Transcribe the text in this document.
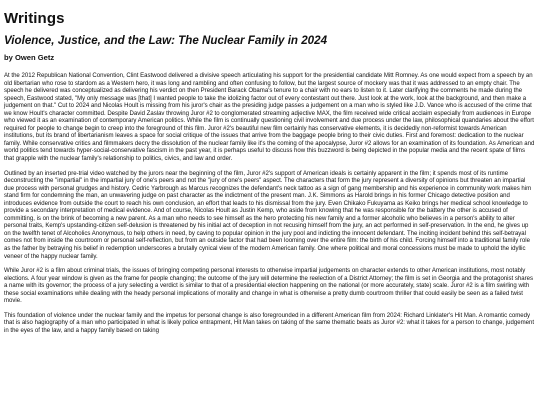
Writings
Violence, Justice, and the Law: The Nuclear Family in 2024
by Owen Getz

At the 2012 Republican National Convention, Clint Eastwood delivered a divisive speech articulating his support for the presidential candidate Mitt Romney. As one would expect from a speech by an old libertarian who rose to stardom as a Western hero, it was long and rambling and often confusing to follow, but the largest source of mockery was that it was addressed to an empty chair. The speech he delivered was conceptualized as delivering his verdict on then President Barack Obama's tenure to a chair with no ears to listen to it. Later clarifying the comments he made during the speech, Eastwood stated, "My only message was [that] I wanted people to take the idolizing factor out of every contestant out there. Just look at the work, look at the background, and then make a judgement on that." Cut to 2024 and Nicolas Hoult is missing from his juror's chair as the presiding judge passes a judgement on a man who is styled like J.D. Vance who is accused of the crime that we know Hoult's character committed. Despite David Zaslav throwing Juror #2 to conglomerated streaming adjective MAX, the film received wide critical acclaim especially from audiences in Europe who viewed it as an examination of contemporary American politics. While the film is continually questioning civil involvement and due process under the law, philosophical quandaries about the effort required for people to change begin to creep into the foreground of this film. Juror #2's beautiful new film certainly has conservative elements, it is decidedly non-reformist towards American institutions, but its brand of libertarianism leaves a space for social critique of the issues that arrive from the baggage people bring to their civic duties. First and foremost: dedication to the nuclear family. While conservative critics and filmmakers decry the dissolution of the nuclear family like it's the coming of the apocalypse, Juror #2 allows for an examination of its foundation. As American and world politics tend towards hyper-social-conservative fascism in the past year, it is perhaps useful to discuss how this buzzword is being depicted in the popular media and the recent spate of films that grapple with the nuclear family's relationship to politics, civics, and law and order.

Outlined by an inserted pre-trial video watched by the jurors near the beginning of the film, Juror #2's support of American ideals is certainly apparent in the film; it spends most of its runtime deconstructing the "impartial" in the impartial jury of one's peers and not the "jury of one's peers" aspect. The characters that form the jury represent a diversity of opinions but threaten an impartial due process with personal grudges and history. Cedric Yarbrough as Marcus recognizes the defendant's neck tattoo as a sign of gang membership and his experience in community work makes him stand firm for condemning the man, an unwavering judge on past character as the indictment of the present man. J.K. Simmons as Harold brings in his former Chicago detective position and introduces evidence from outside the court to reach his own conclusion, an effort that leads to his dismissal from the jury. Even Chikako Fukuyama as Keiko brings her medical school knowledge to provide a secondary interpretation of medical evidence. And of course, Nicolas Hoult as Justin Kemp, who aside from knowing that he was responsible for the battery the other is accused of committing, is on the brink of becoming a new parent. As a man who needs to see himself as the hero protecting his new family and a former alcoholic who believes in a person's ability to alter personal traits, Kemp's upstanding-citizen self-delusion is threatened by his initial act of deception in not recusing himself from the jury, an act performed in self-preservation. In the end, he gives up on the twelfth tenet of Alcoholics Anonymous, to help others in need, by caving to popular opinion in the jury pool and indicting the innocent defendant. The inciting incident behind this self-betrayal comes not from inside the courtroom or personal self-reflection, but from an outside factor that had been looming over the entire film: the birth of his child. Forcing himself into a traditional family role as the father by betraying his belief in redemption underscores a brutally cynical view of the modern American family. One where political and moral concessions must be made to uphold the idyllic veneer of the happy nuclear family.

While Juror #2 is a film about criminal trials, the issues of bringing competing personal interests to otherwise impartial judgements on character extends to other American institutions, most notably elections. A four year window is given as the frame for people changing; the outcome of the jury will determine the reelection of a District Attorney; the film is set in Georgia and the protagonist shares a name with its governor; the process of a jury selecting a verdict is similar to that of a presidential election happening on the national (or more accurately, state) scale. Juror #2 is a film swirling with these social examinations while dealing with the heady personal implications of morality and change in what is otherwise a pretty dumb courtroom thriller that could easily be seen as a failed twist movie.

This foundation of violence under the nuclear family and the impetus for personal change is also foregrounded in a different American film from 2024: Richard Linklater's Hit Man. A romantic comedy that is also hagiography of a man who participated in what is likely police entrapment, Hit Man takes on taking of the same thematic beats as Juror #2: what it takes for a person to change, judgement in the eyes of the law, and a happy family based on taking
